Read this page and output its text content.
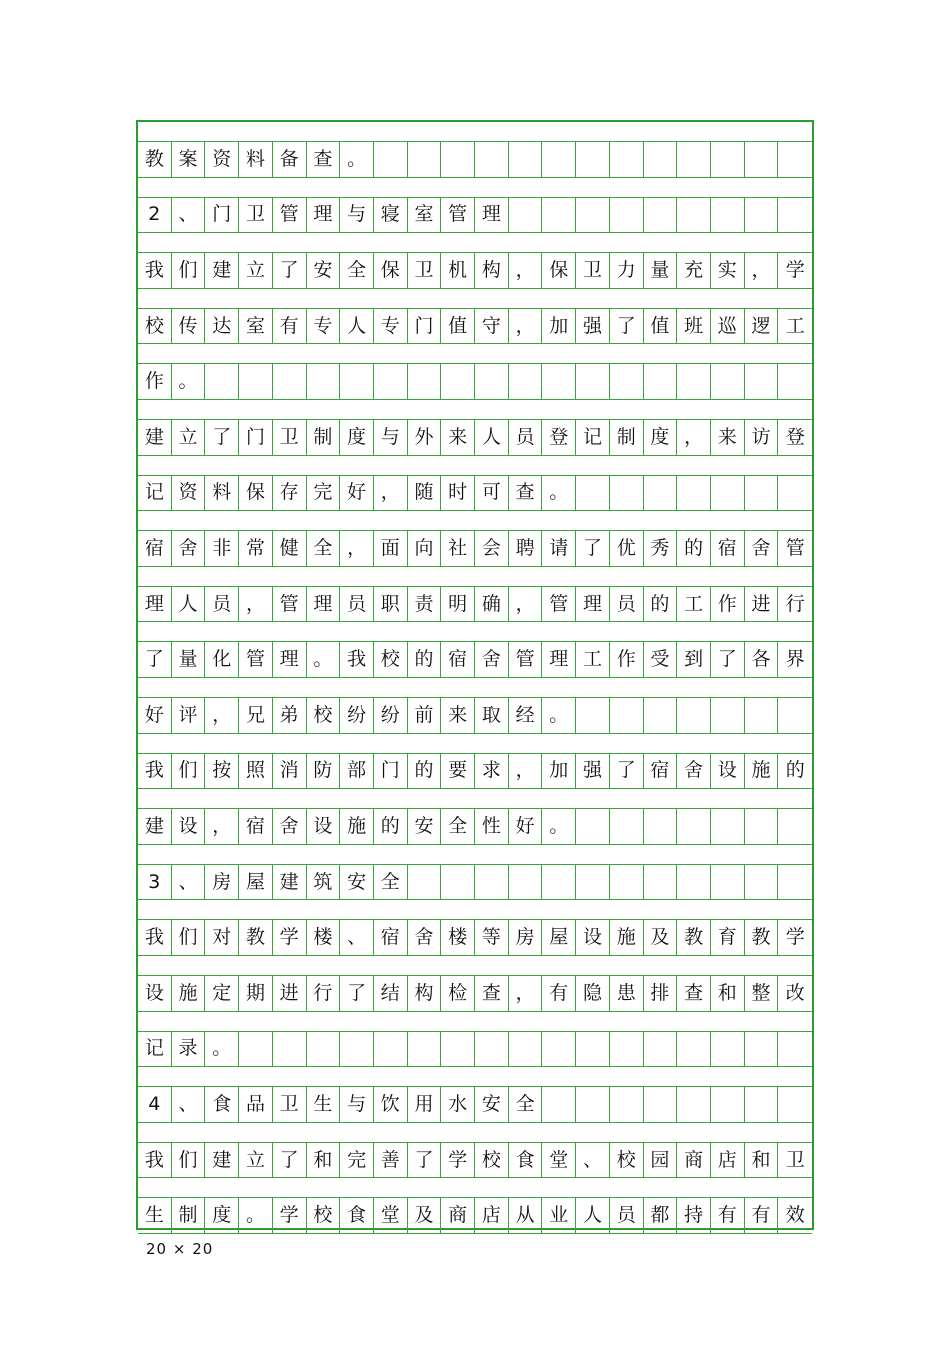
教 案 资 料 备 查 。
2 、 门 卫 管 理 与 寝 室 管 理
我 们 建 立 了 安 全 保 卫 机 构 ， 保 卫 力 量 充 实 ， 学
校 传 达 室 有 专 人 专 门 值 守 ， 加 强 了 值 班 巡 逻 工
作 。
建 立 了 门 卫 制 度 与 外 来 人 员 登 记 制 度 ， 来 访 登
记 资 料 保 存 完 好 ， 随 时 可 查 。
宿 舍 非 常 健 全 ， 面 向 社 会 聘 请 了 优 秀 的 宿 舍 管
理 人 员 ， 管 理 员 职 责 明 确 ， 管 理 员 的 工 作 进 行
了 量 化 管 理 。 我 校 的 宿 舍 管 理 工 作 受 到 了 各 界
好 评 ， 兄 弟 校 纷 纷 前 来 取 经 。
我 们 按 照 消 防 部 门 的 要 求 ， 加 强 了 宿 舍 设 施 的
建 设 ， 宿 舍 设 施 的 安 全 性 好 。
3 、 房 屋 建 筑 安 全
我 们 对 教 学 楼 、 宿 舍 楼 等 房 屋 设 施 及 教 育 教 学
设 施 定 期 进 行 了 结 构 检 查 ， 有 隐 患 排 查 和 整 改
记 录 。
4 、 食 品 卫 生 与 饮 用 水 安 全
我 们 建 立 了 和 完 善 了 学 校 食 堂 、 校 园 商 店 和 卫
生 制 度 。 学 校 食 堂 及 商 店 从 业 人 员 都 持 有 有 效
20 × 20
